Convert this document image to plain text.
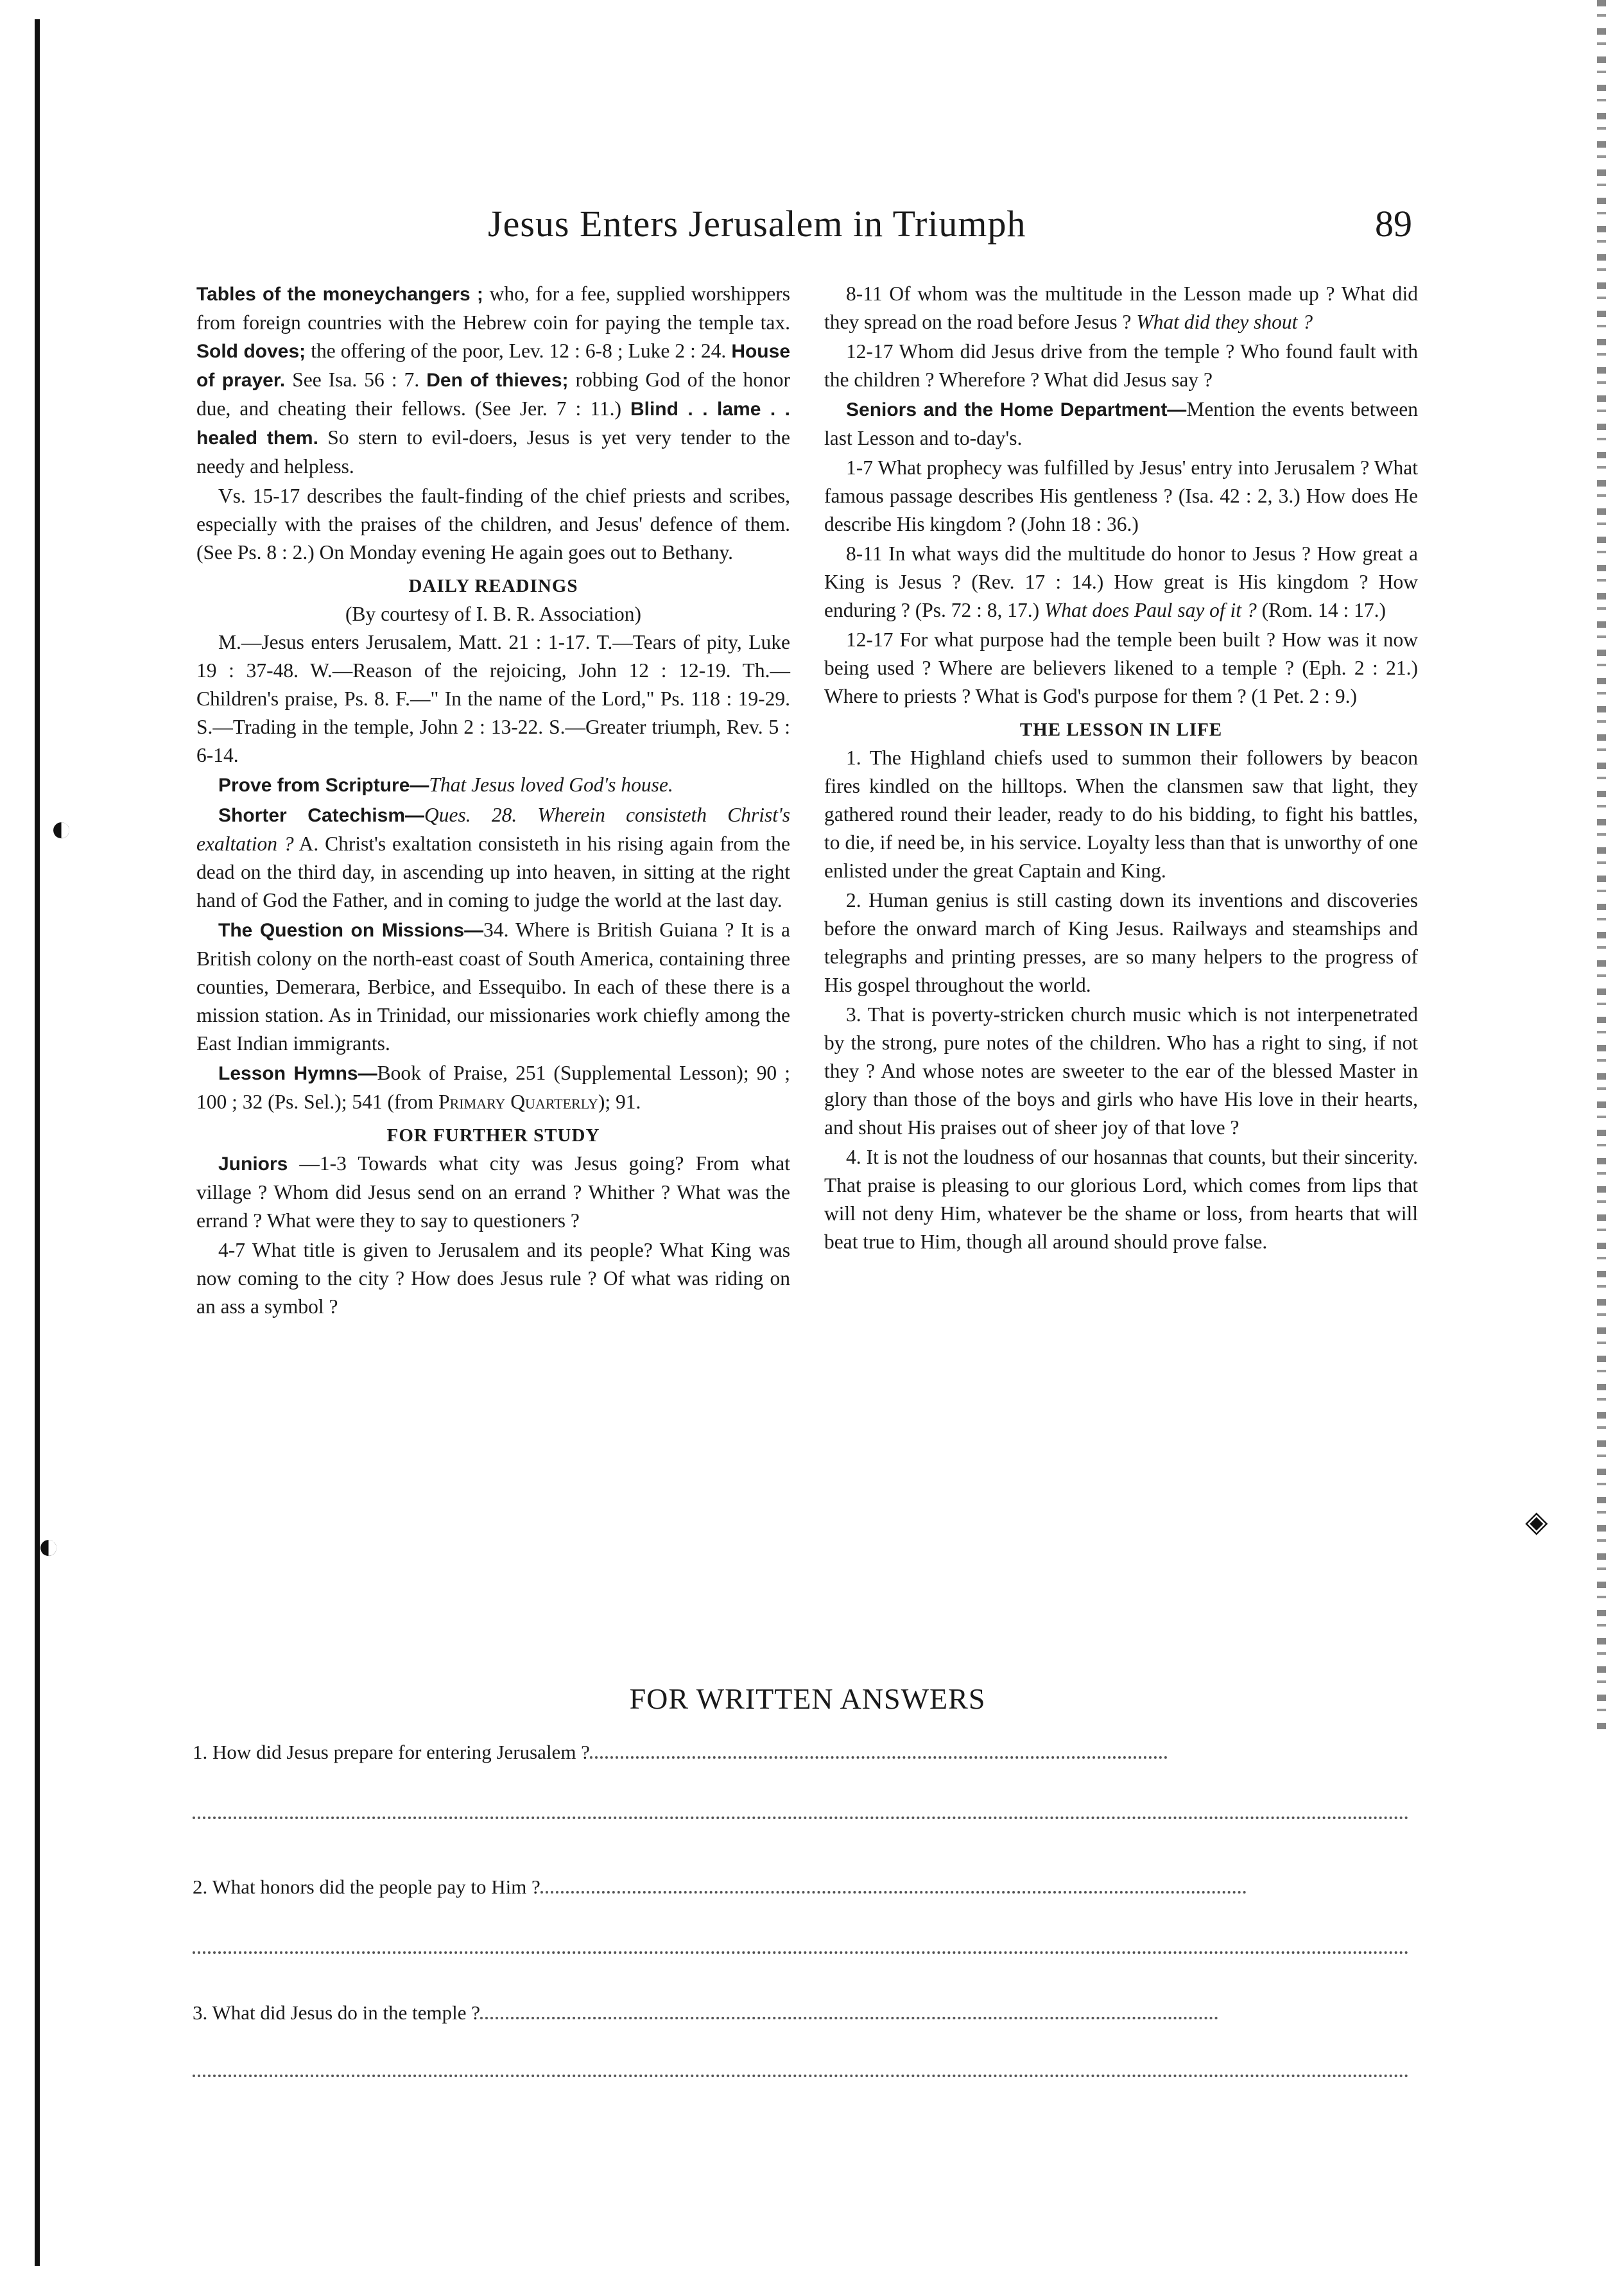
◐
◐
◈
Jesus Enters Jerusalem in Triumph	89

Tables of the moneychangers ; who, for a fee, supplied worshippers from foreign countries with the Hebrew coin for paying the temple tax. Sold doves; the offering of the poor, Lev. 12 : 6-8 ; Luke 2 : 24. House of prayer. See Isa. 56 : 7. Den of thieves; robbing God of the honor due, and cheating their fellows. (See Jer. 7 : 11.) Blind . . lame . . healed them. So stern to evil-doers, Jesus is yet very tender to the needy and helpless.

Vs. 15-17 describes the fault-finding of the chief priests and scribes, especially with the praises of the children, and Jesus' defence of them. (See Ps. 8 : 2.) On Monday evening He again goes out to Bethany.

DAILY READINGS
(By courtesy of I. B. R. Association)

M.—Jesus enters Jerusalem, Matt. 21 : 1-17. T.—Tears of pity, Luke 19 : 37-48. W.—Reason of the rejoicing, John 12 : 12-19. Th.—Children's praise, Ps. 8. F.—" In the name of the Lord," Ps. 118 : 19-29. S.—Trading in the temple, John 2 : 13-22. S.—Greater triumph, Rev. 5 : 6-14.

Prove from Scripture—That Jesus loved God's house.

Shorter Catechism—Ques. 28. Wherein consisteth Christ's exaltation ? A. Christ's exaltation consisteth in his rising again from the dead on the third day, in ascending up into heaven, in sitting at the right hand of God the Father, and in coming to judge the world at the last day.

The Question on Missions—34. Where is British Guiana ? It is a British colony on the north-east coast of South America, containing three counties, Demerara, Berbice, and Essequibo. In each of these there is a mission station. As in Trinidad, our missionaries work chiefly among the East Indian immigrants.

Lesson Hymns—Book of Praise, 251 (Supplemental Lesson); 90 ; 100 ; 32 (Ps. Sel.); 541 (from Primary Quarterly); 91.

FOR FURTHER STUDY

Juniors —1-3 Towards what city was Jesus going? From what village ? Whom did Jesus send on an errand ? Whither ? What was the errand ? What were they to say to questioners ?

4-7 What title is given to Jerusalem and its people? What King was now coming to the city ? How does Jesus rule ? Of what was riding on an ass a symbol ?

8-11 Of whom was the multitude in the Lesson made up ? What did they spread on the road before Jesus ? What did they shout ?

12-17 Whom did Jesus drive from the temple ? Who found fault with the children ? Wherefore ? What did Jesus say ?

Seniors and the Home Department—Mention the events between last Lesson and to-day's.

1-7 What prophecy was fulfilled by Jesus' entry into Jerusalem ? What famous passage describes His gentleness ? (Isa. 42 : 2, 3.) How does He describe His kingdom ? (John 18 : 36.)

8-11 In what ways did the multitude do honor to Jesus ? How great a King is Jesus ? (Rev. 17 : 14.) How great is His kingdom ? How enduring ? (Ps. 72 : 8, 17.) What does Paul say of it ? (Rom. 14 : 17.)

12-17 For what purpose had the temple been built ? How was it now being used ? Where are believers likened to a temple ? (Eph. 2 : 21.) Where to priests ? What is God's purpose for them ? (1 Pet. 2 : 9.)

THE LESSON IN LIFE

1. The Highland chiefs used to summon their followers by beacon fires kindled on the hilltops. When the clansmen saw that light, they gathered round their leader, ready to do his bidding, to fight his battles, to die, if need be, in his service. Loyalty less than that is unworthy of one enlisted under the great Captain and King.

2. Human genius is still casting down its inventions and discoveries before the onward march of King Jesus. Railways and steamships and telegraphs and printing presses, are so many helpers to the progress of His gospel throughout the world.

3. That is poverty-stricken church music which is not interpenetrated by the strong, pure notes of the children. Who has a right to sing, if not they ? And whose notes are sweeter to the ear of the blessed Master in glory than those of the boys and girls who have His love in their hearts, and shout His praises out of sheer joy of that love ?

4. It is not the loudness of our hosannas that counts, but their sincerity. That praise is pleasing to our glorious Lord, which comes from lips that will not deny Him, whatever be the shame or loss, from hearts that will beat true to Him, though all around should prove false.

FOR WRITTEN ANSWERS
1. How did Jesus prepare for entering Jerusalem ?
2. What honors did the people pay to Him ?
3. What did Jesus do in the temple ?
